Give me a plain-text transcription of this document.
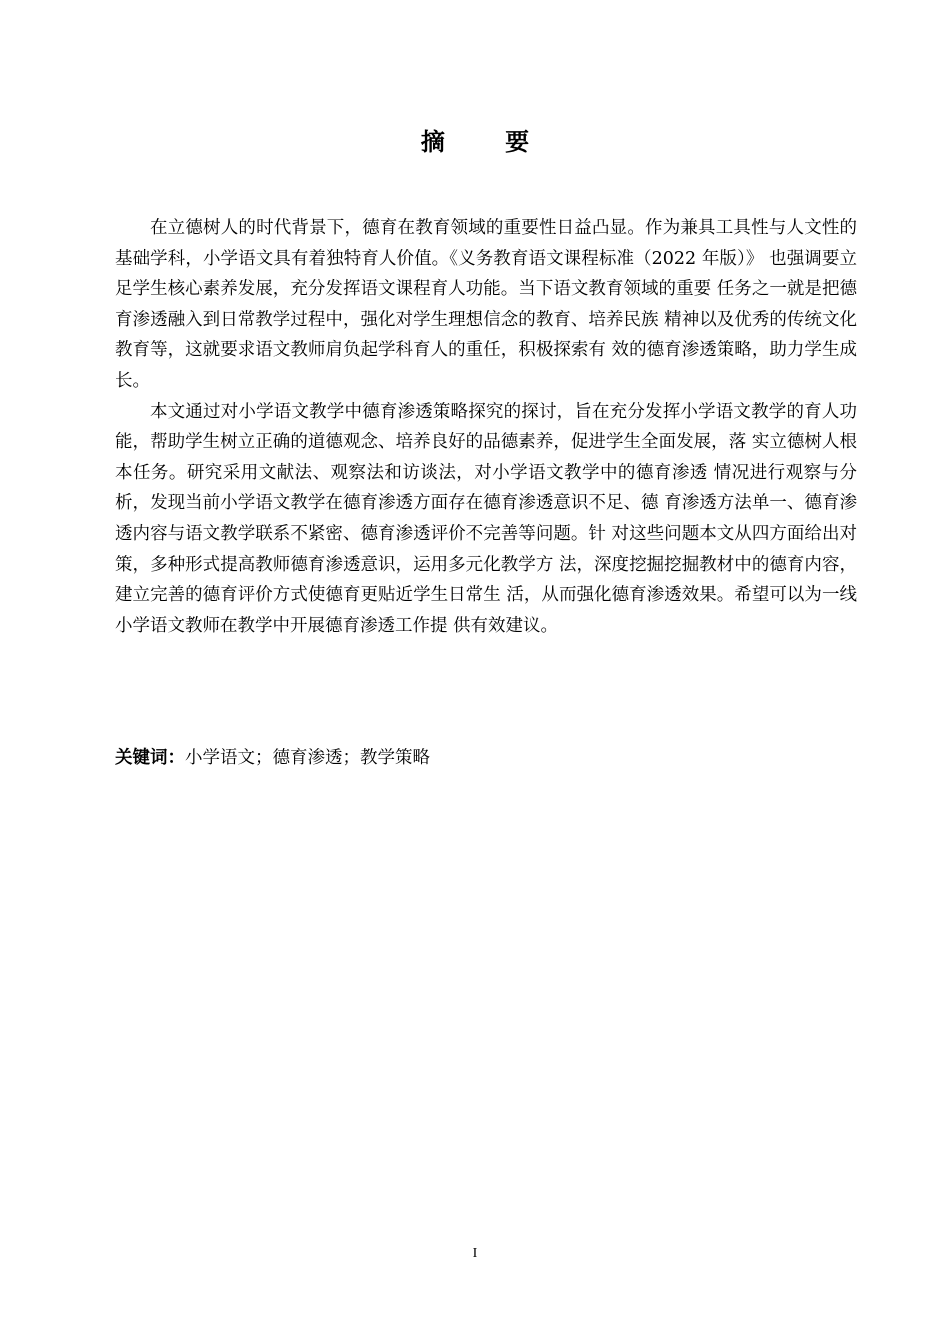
摘 要

在立德树人的时代背景下，德育在教育领域的重要性日益凸显。作为兼具工具性与人文性的基础学科，小学语文具有着独特育人价值。《义务教育语文课程标准（2022 年版）》 也强调要立足学生核心素养发展，充分发挥语文课程育人功能。当下语文教育领域的重要 任务之一就是把德育渗透融入到日常教学过程中，强化对学生理想信念的教育、培养民族 精神以及优秀的传统文化教育等，这就要求语文教师肩负起学科育人的重任，积极探索有 效的德育渗透策略，助力学生成长。

本文通过对小学语文教学中德育渗透策略探究的探讨，旨在充分发挥小学语文教学的育人功能，帮助学生树立正确的道德观念、培养良好的品德素养，促进学生全面发展，落 实立德树人根本任务。研究采用文献法、观察法和访谈法，对小学语文教学中的德育渗透 情况进行观察与分析，发现当前小学语文教学在德育渗透方面存在德育渗透意识不足、德 育渗透方法单一、德育渗透内容与语文教学联系不紧密、德育渗透评价不完善等问题。针 对这些问题本文从四方面给出对策，多种形式提高教师德育渗透意识，运用多元化教学方 法，深度挖掘挖掘教材中的德育内容，建立完善的德育评价方式使德育更贴近学生日常生 活，从而强化德育渗透效果。希望可以为一线小学语文教师在教学中开展德育渗透工作提 供有效建议。

关键词：小学语文；德育渗透；教学策略
I
